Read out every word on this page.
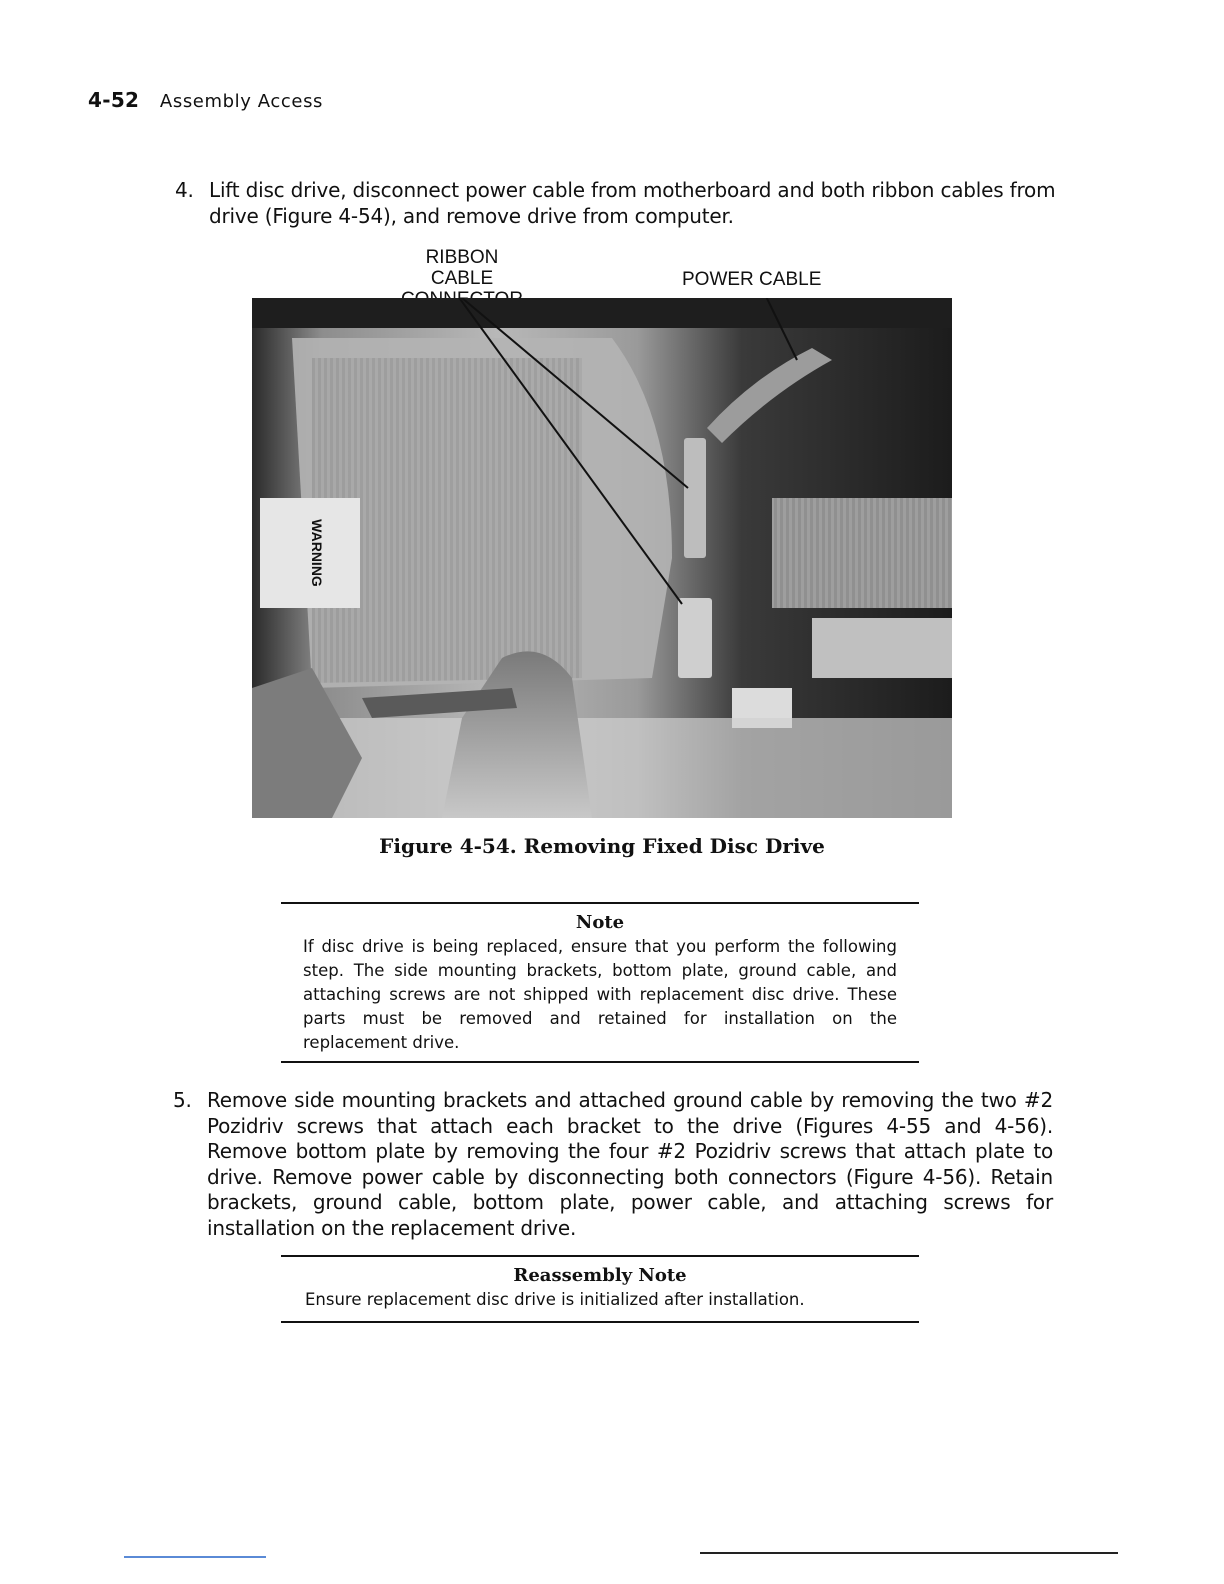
4-52 Assembly Access
4. Lift disc drive, disconnect power cable from motherboard and both ribbon cables from drive (Figure 4-54), and remove drive from computer.
RIBBON CABLE	POWER CABLE
WARNING
Figure 4-54. Removing Fixed Disc Drive
Note
If disc drive is being replaced, ensure that you perform the following step. The side mounting brackets, bottom plate, ground cable, and attaching screws are not shipped with replacement disc drive. These parts must be removed and retained for installation on the replacement drive.
5. Remove side mounting brackets and attached ground cable by removing the two #2 Pozidriv screws that attach each bracket to the drive (Figures 4-55 and 4-56). Remove bottom plate by removing the four #2 Pozidriv screws that attach plate to drive. Remove power cable by disconnecting both connectors (Figure 4-56). Retain brackets, ground cable, bottom plate, power cable, and attaching screws for installation on the replacement drive.
Reassembly Note
Ensure replacement disc drive is initialized after installation.
